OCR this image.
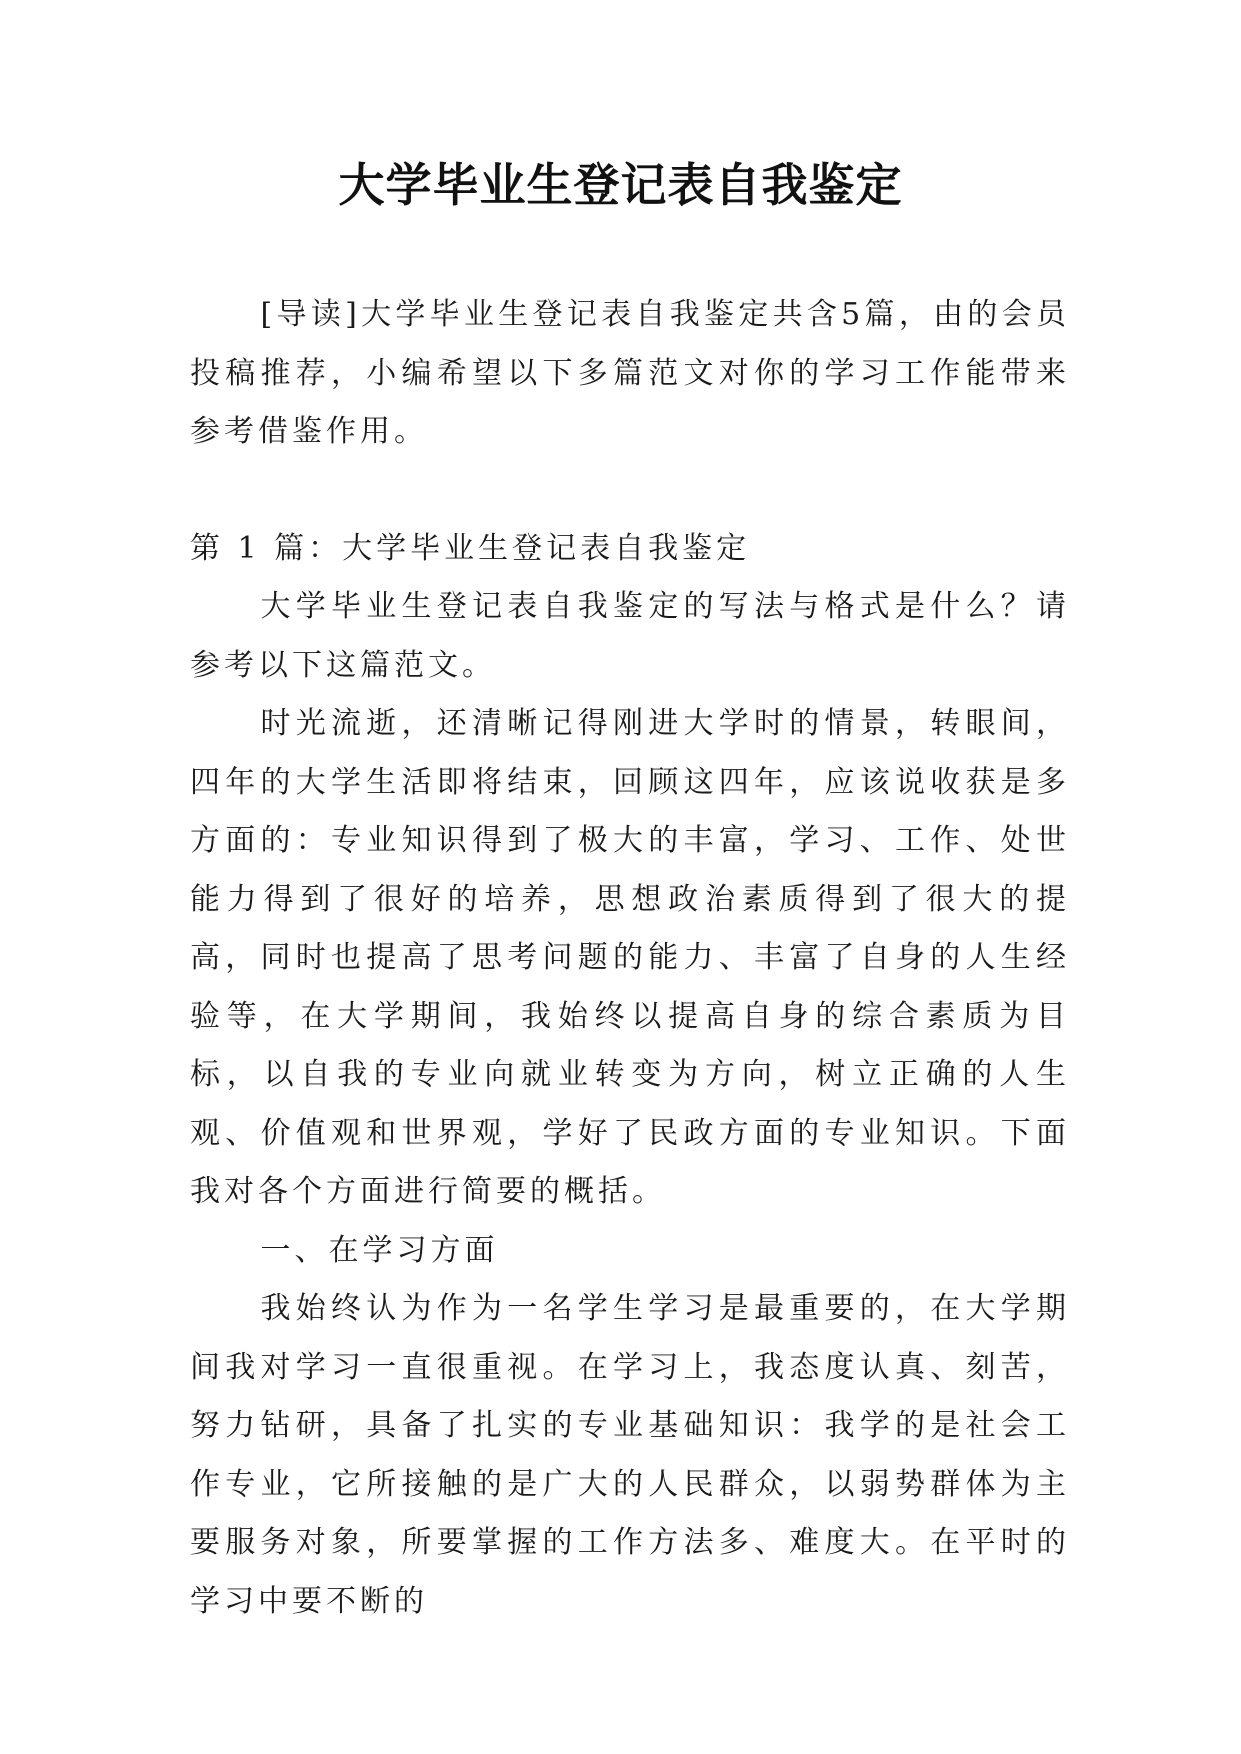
大学毕业生登记表自我鉴定

[导读]大学毕业生登记表自我鉴定共含5篇，由的会员投稿推荐，小编希望以下多篇范文对你的学习工作能带来参考借鉴作用。

第 1 篇：大学毕业生登记表自我鉴定

大学毕业生登记表自我鉴定的写法与格式是什么？请参考以下这篇范文。

时光流逝，还清晰记得刚进大学时的情景，转眼间，四年的大学生活即将结束，回顾这四年，应该说收获是多方面的：专业知识得到了极大的丰富，学习、工作、处世能力得到了很好的培养，思想政治素质得到了很大的提高，同时也提高了思考问题的能力、丰富了自身的人生经验等，在大学期间，我始终以提高自身的综合素质为目标，以自我的专业向就业转变为方向，树立正确的人生观、价值观和世界观，学好了民政方面的专业知识。下面我对各个方面进行简要的概括。

一、在学习方面

我始终认为作为一名学生学习是最重要的，在大学期间我对学习一直很重视。在学习上，我态度认真、刻苦，努力钻研，具备了扎实的专业基础知识：我学的是社会工作专业，它所接触的是广大的人民群众，以弱势群体为主要服务对象，所要掌握的工作方法多、难度大。在平时的学习中要不断的
